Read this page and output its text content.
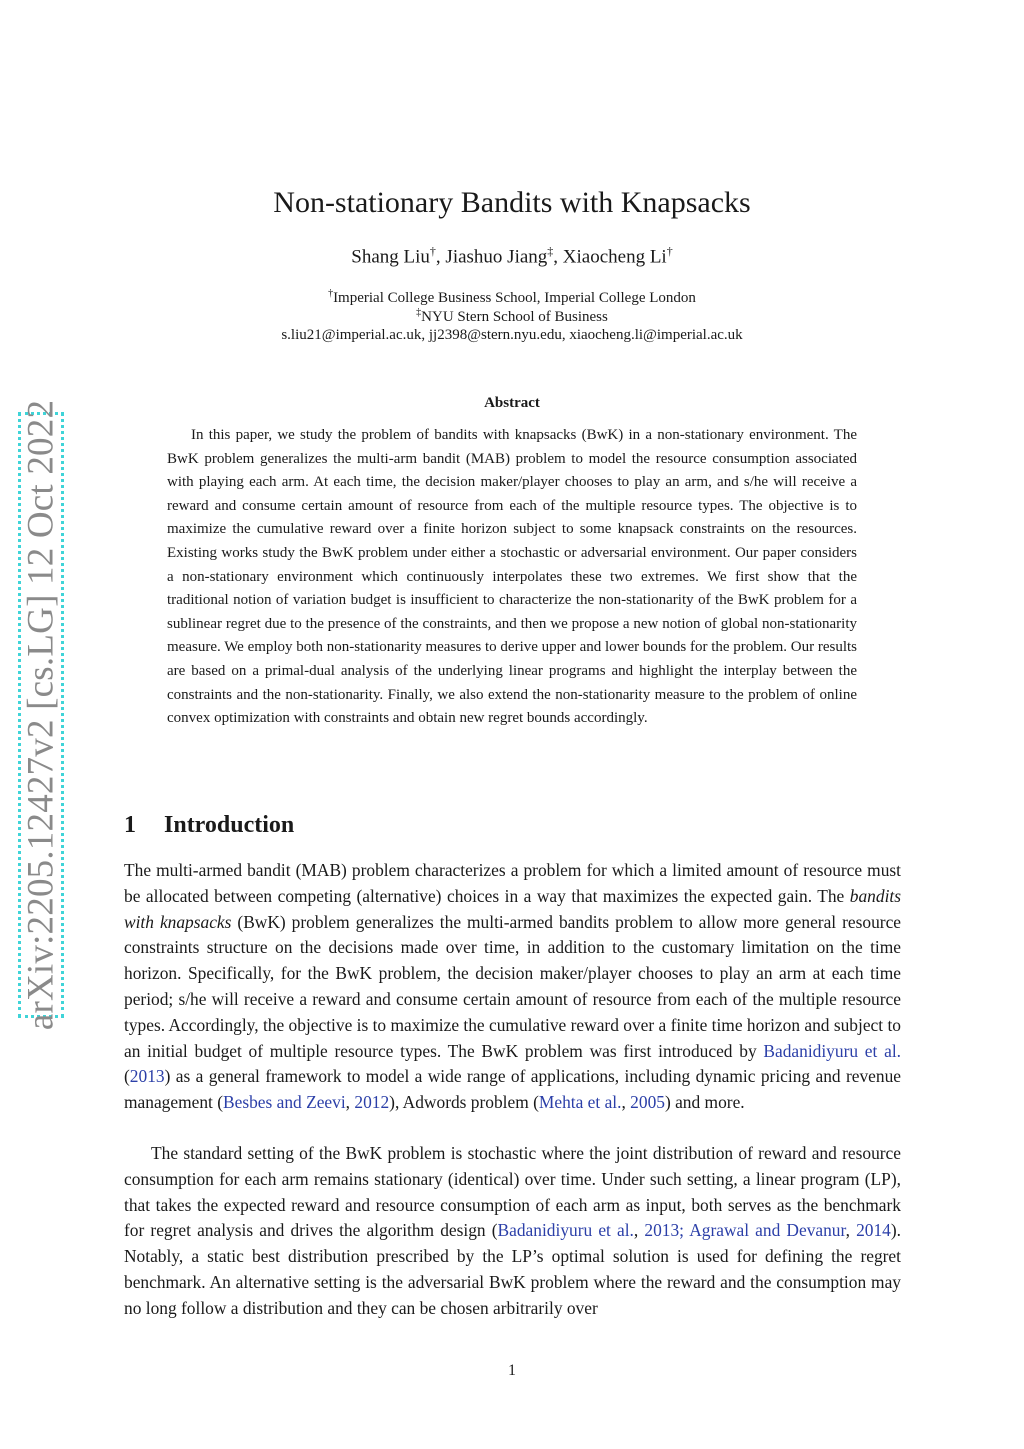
arXiv:2205.12427v2 [cs.LG] 12 Oct 2022
Non-stationary Bandits with Knapsacks
Shang Liu†, Jiashuo Jiang‡, Xiaocheng Li†
†Imperial College Business School, Imperial College London
‡NYU Stern School of Business
s.liu21@imperial.ac.uk, jj2398@stern.nyu.edu, xiaocheng.li@imperial.ac.uk
Abstract

In this paper, we study the problem of bandits with knapsacks (BwK) in a non-stationary environment. The BwK problem generalizes the multi-arm bandit (MAB) problem to model the resource consumption associated with playing each arm. At each time, the decision maker/player chooses to play an arm, and s/he will receive a reward and consume certain amount of resource from each of the multiple resource types. The objective is to maximize the cumulative reward over a finite horizon subject to some knapsack constraints on the resources. Existing works study the BwK problem under either a stochastic or adversarial environment. Our paper considers a non-stationary environment which continuously interpolates these two extremes. We first show that the traditional notion of variation budget is insufficient to characterize the non-stationarity of the BwK problem for a sublinear regret due to the presence of the constraints, and then we propose a new notion of global non-stationarity measure. We employ both non-stationarity measures to derive upper and lower bounds for the problem. Our results are based on a primal-dual analysis of the underlying linear programs and highlight the interplay between the constraints and the non-stationarity. Finally, we also extend the non-stationarity measure to the problem of online convex optimization with constraints and obtain new regret bounds accordingly.

1 Introduction

The multi-armed bandit (MAB) problem characterizes a problem for which a limited amount of resource must be allocated between competing (alternative) choices in a way that maximizes the expected gain. The bandits with knapsacks (BwK) problem generalizes the multi-armed bandits problem to allow more general resource constraints structure on the decisions made over time, in addition to the customary limitation on the time horizon. Specifically, for the BwK problem, the decision maker/player chooses to play an arm at each time period; s/he will receive a reward and consume certain amount of resource from each of the multiple resource types. Accordingly, the objective is to maximize the cumulative reward over a finite time horizon and subject to an initial budget of multiple resource types. The BwK problem was first introduced by Badanidiyuru et al. (2013) as a general framework to model a wide range of applications, including dynamic pricing and revenue management (Besbes and Zeevi, 2012), Adwords problem (Mehta et al., 2005) and more.

The standard setting of the BwK problem is stochastic where the joint distribution of reward and resource consumption for each arm remains stationary (identical) over time. Under such setting, a linear program (LP), that takes the expected reward and resource consumption of each arm as input, both serves as the benchmark for regret analysis and drives the algorithm design (Badanidiyuru et al., 2013; Agrawal and Devanur, 2014). Notably, a static best distribution prescribed by the LP’s optimal solution is used for defining the regret benchmark. An alternative setting is the adversarial BwK problem where the reward and the consumption may no long follow a distribution and they can be chosen arbitrarily over

1
